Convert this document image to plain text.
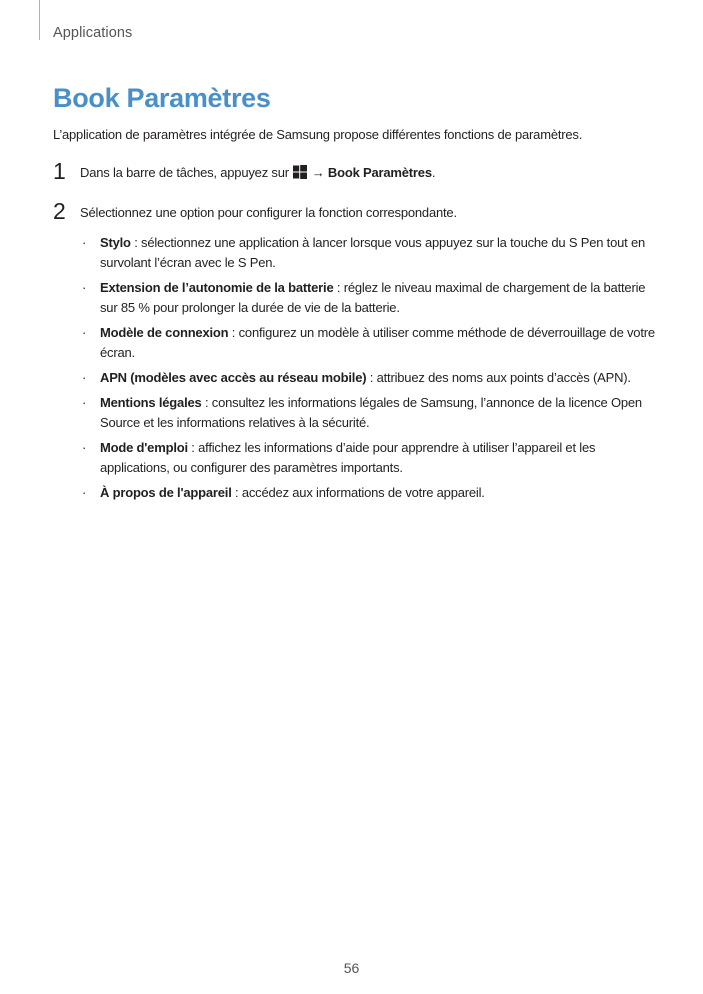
Applications
Book Paramètres
L’application de paramètres intégrée de Samsung propose différentes fonctions de paramètres.
1 Dans la barre de tâches, appuyez sur
→ Book Paramètres.
2 Sélectionnez une option pour configurer la fonction correspondante.
· Stylo : sélectionnez une application à lancer lorsque vous appuyez sur la touche du S Pen tout en survolant l’écran avec le S Pen.
· Extension de l’autonomie de la batterie : réglez le niveau maximal de chargement de la batterie sur 85 % pour prolonger la durée de vie de la batterie.
· Modèle de connexion : configurez un modèle à utiliser comme méthode de déverrouillage de votre écran.
· APN (modèles avec accès au réseau mobile) : attribuez des noms aux points d’accès (APN).
· Mentions légales : consultez les informations légales de Samsung, l’annonce de la licence Open Source et les informations relatives à la sécurité.
· Mode d'emploi : affichez les informations d’aide pour apprendre à utiliser l’appareil et les applications, ou configurer des paramètres importants.
· À propos de l'appareil : accédez aux informations de votre appareil.
56
